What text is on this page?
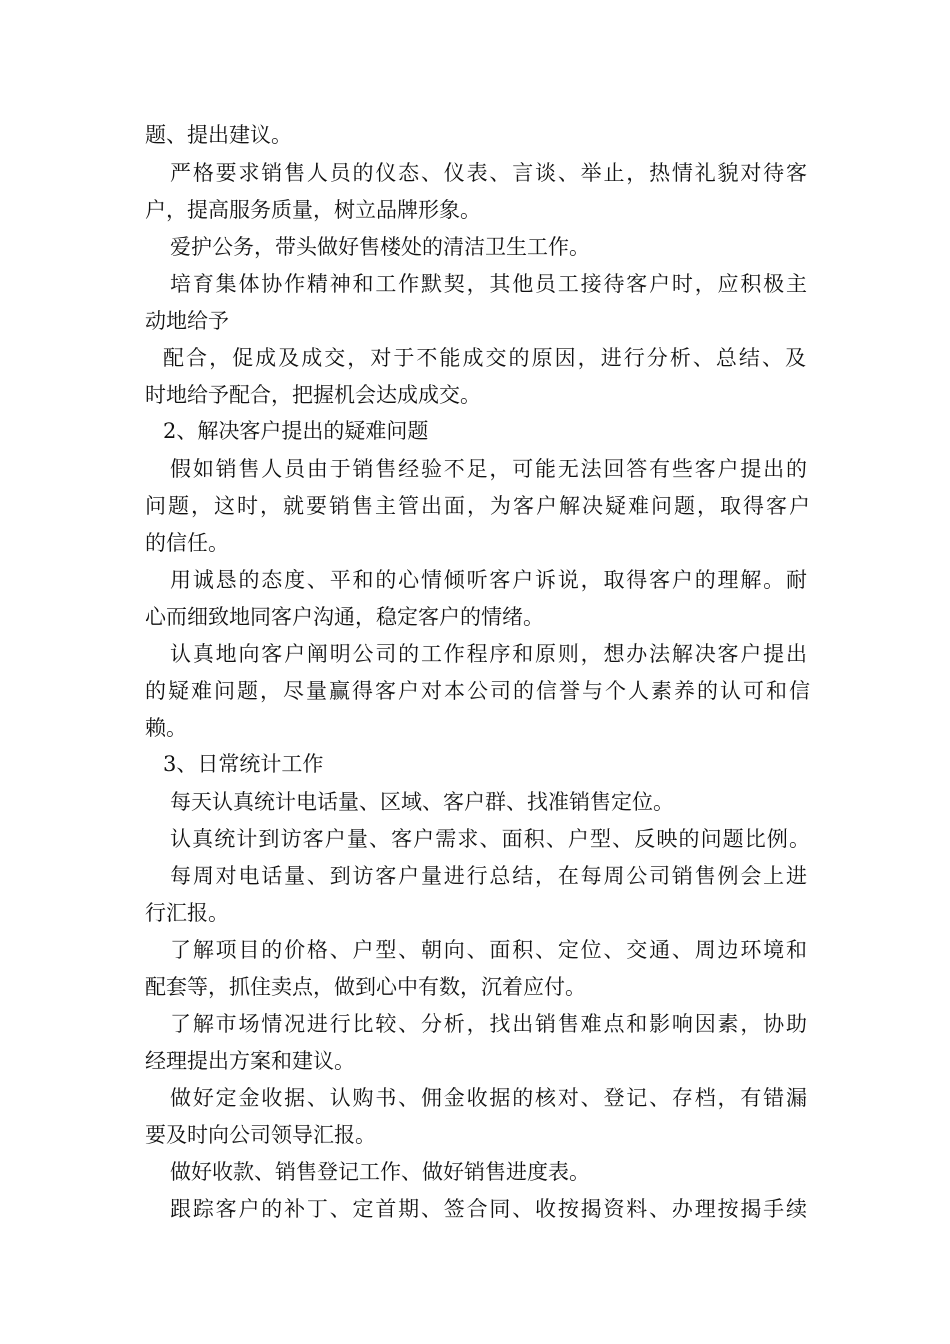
题、提出建议。
严格要求销售人员的仪态、仪表、言谈、举止，热情礼貌对待客
户，提高服务质量，树立品牌形象。
爱护公务，带头做好售楼处的清洁卫生工作。
培育集体协作精神和工作默契，其他员工接待客户时，应积极主
动地给予
配合，促成及成交，对于不能成交的原因，进行分析、总结、及
时地给予配合，把握机会达成成交。
2、解决客户提出的疑难问题
假如销售人员由于销售经验不足，可能无法回答有些客户提出的
问题，这时，就要销售主管出面，为客户解决疑难问题，取得客户
的信任。
用诚恳的态度、平和的心情倾听客户诉说，取得客户的理解。耐
心而细致地同客户沟通，稳定客户的情绪。
认真地向客户阐明公司的工作程序和原则，想办法解决客户提出
的疑难问题，尽量赢得客户对本公司的信誉与个人素养的认可和信
赖。
3、日常统计工作
每天认真统计电话量、区域、客户群、找准销售定位。
认真统计到访客户量、客户需求、面积、户型、反映的问题比例。
每周对电话量、到访客户量进行总结，在每周公司销售例会上进
行汇报。
了解项目的价格、户型、朝向、面积、定位、交通、周边环境和
配套等，抓住卖点，做到心中有数，沉着应付。
了解市场情况进行比较、分析，找出销售难点和影响因素，协助
经理提出方案和建议。
做好定金收据、认购书、佣金收据的核对、登记、存档，有错漏
要及时向公司领导汇报。
做好收款、销售登记工作、做好销售进度表。
跟踪客户的补丁、定首期、签合同、收按揭资料、办理按揭手续
